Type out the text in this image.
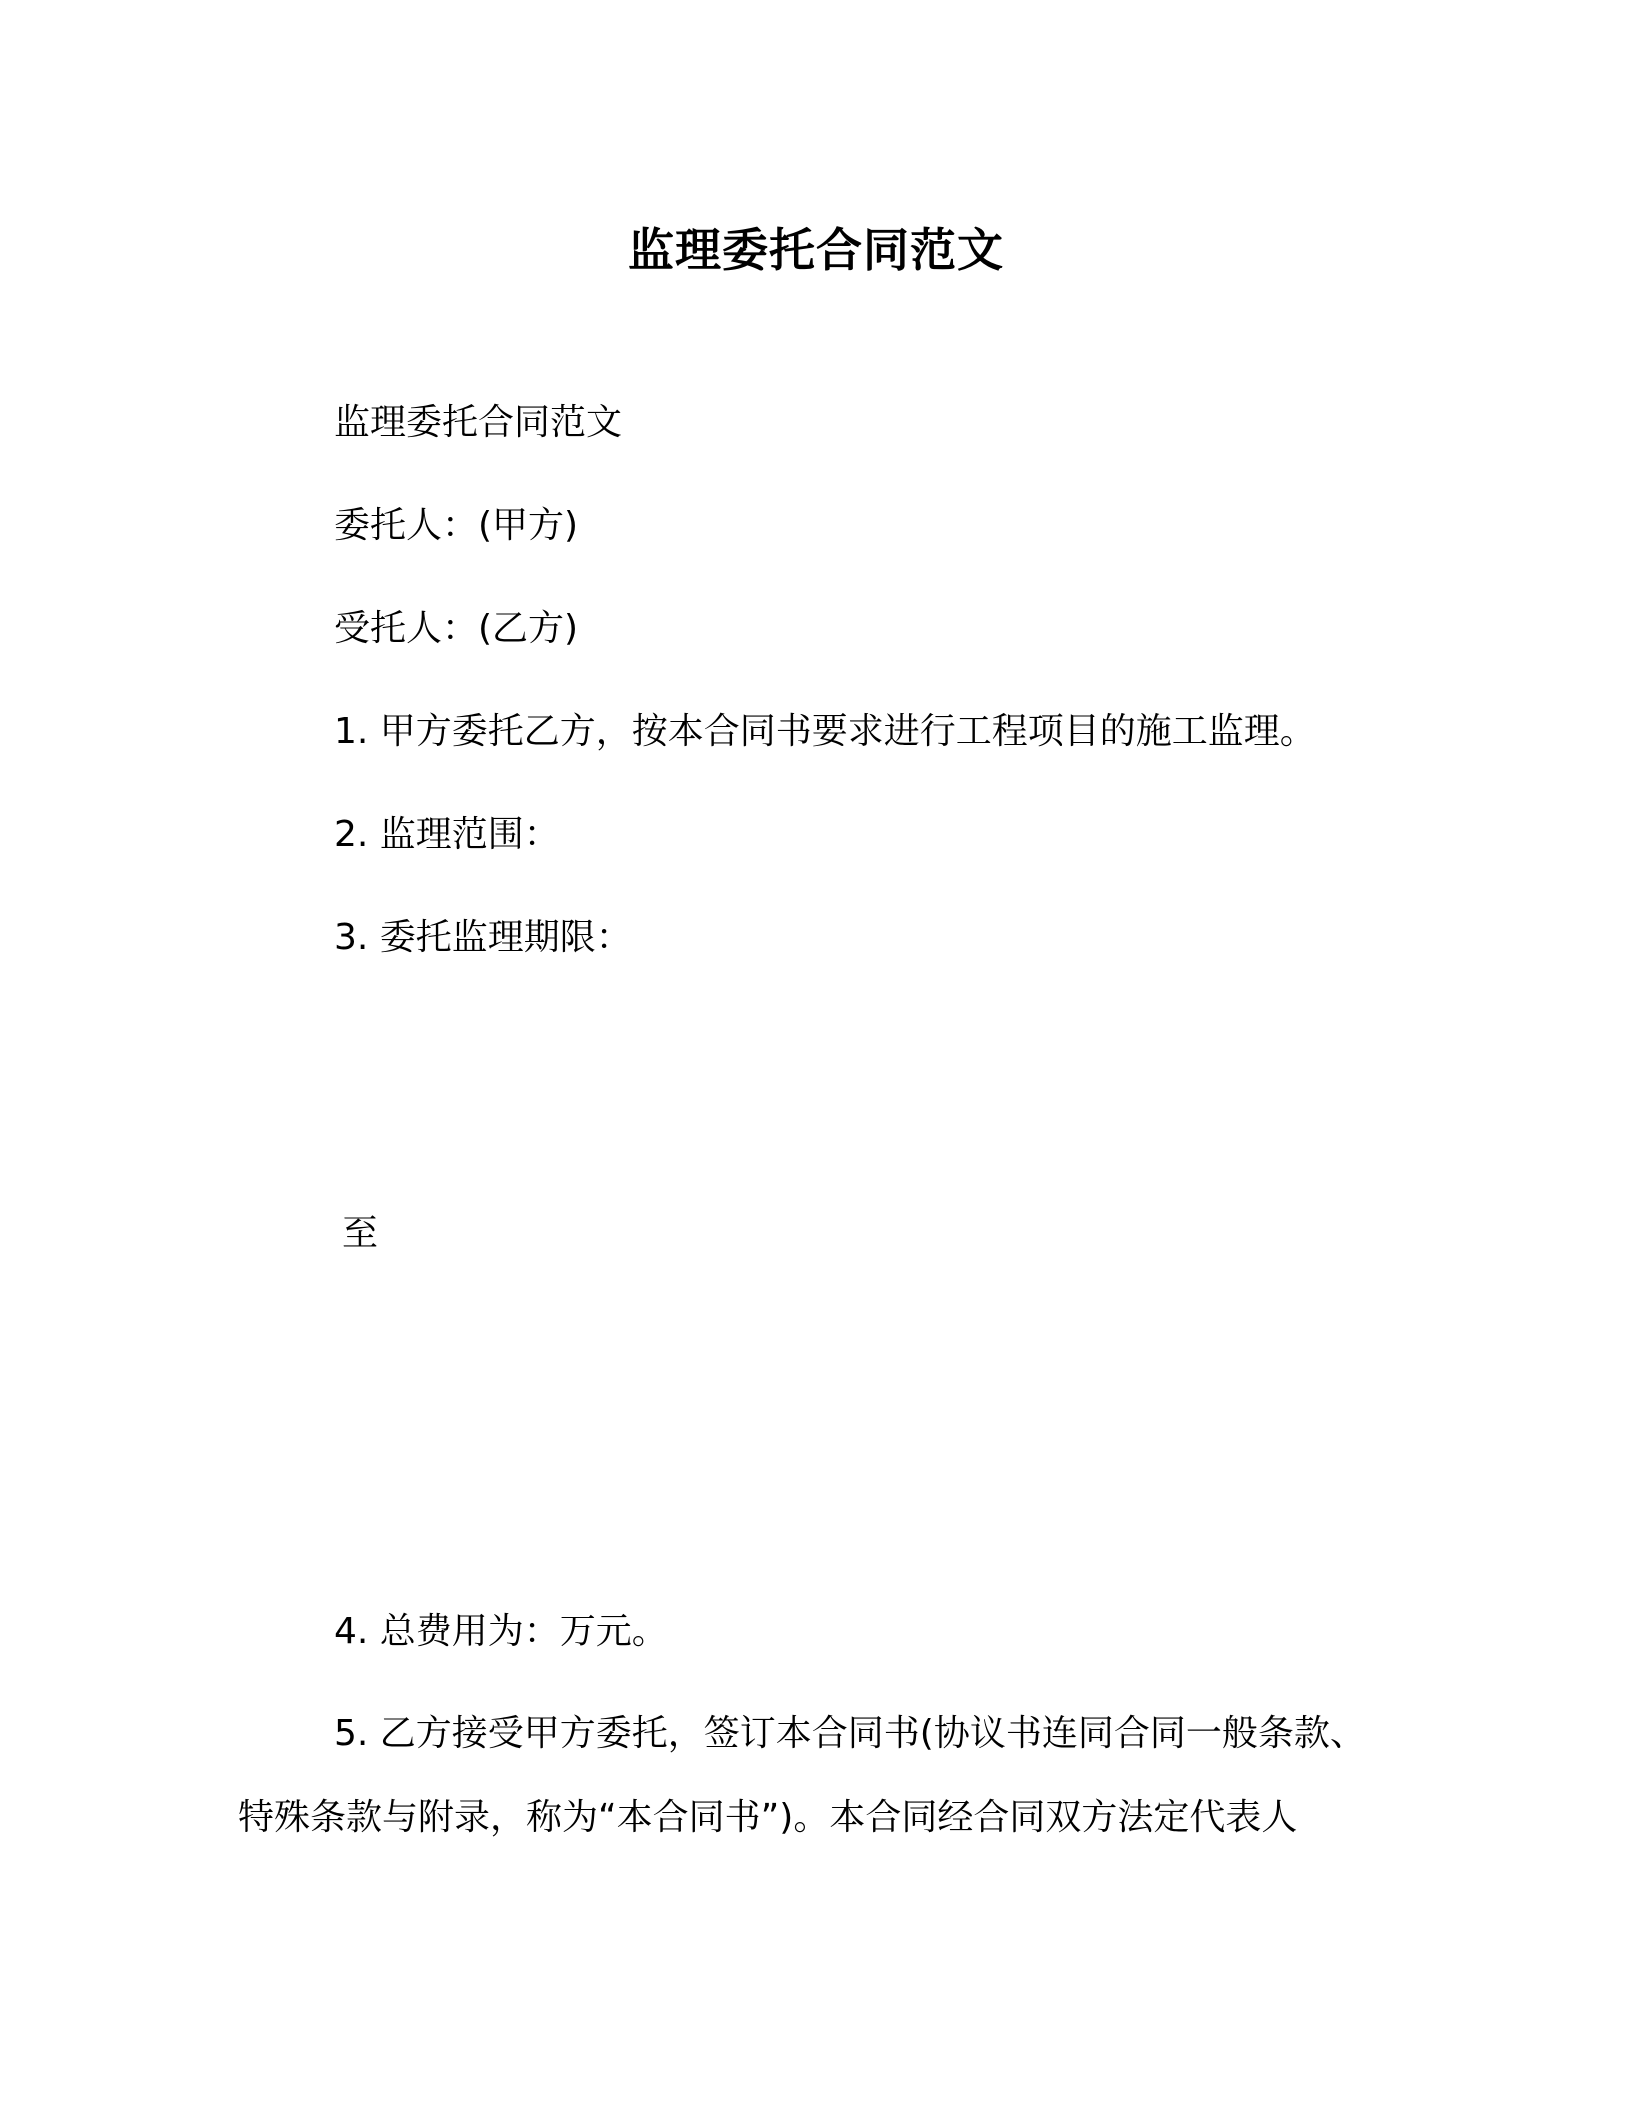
监理委托合同范文
监理委托合同范文
委托人：(甲方)
受托人：(乙方)
1. 甲方委托乙方，按本合同书要求进行工程项目的施工监理。
2. 监理范围：
3. 委托监理期限：
至
4. 总费用为：万元。
5. 乙方接受甲方委托，签订本合同书(协议书连同合同一般条款、特殊条款与附录，称为“本合同书”)。本合同经合同双方法定代表人
